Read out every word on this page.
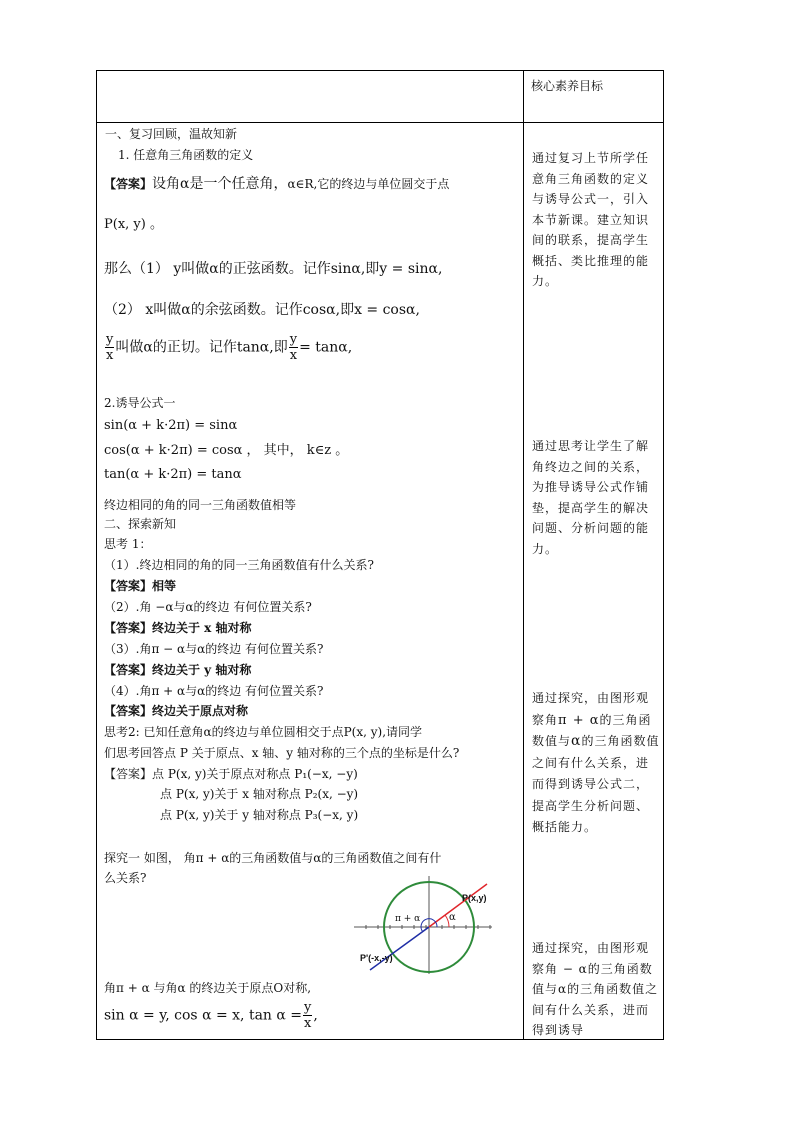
核心素养目标
一、复习回顾，温故知新
1. 任意角三角函数的定义
【答案】设角α是一个任意角，α∈R,它的终边与单位圆交于点
P(x, y) 。
那么（1） y叫做α的正弦函数。记作sinα,即y = sinα,
（2） x叫做α的余弦函数。记作cosα,即x = cosα,
$\frac{y}{x}$ 叫做α的正切。记作tanα,即 $\frac{y}{x} = \tan\alpha$,
2.诱导公式一
sin(α + k·2π) = sinα
cos(α + k·2π) = cosα ， 其中， k∈z 。
tan(α + k·2π) = tanα
终边相同的角的同一三角函数值相等
二、探索新知
思考 1：
（1）.终边相同的角的同一三角函数值有什么关系?
【答案】相等
（2）.角 −α与α的终边 有何位置关系?
【答案】终边关于 x 轴对称
（3）.角π − α与α的终边 有何位置关系?
【答案】终边关于 y 轴对称
（4）.角π + α与α的终边 有何位置关系?
【答案】终边关于原点对称
思考2: 已知任意角α的终边与单位圆相交于点P(x, y),请同学
们思考回答点 P 关于原点、x 轴、y 轴对称的三个点的坐标是什么?
【答案】点 P(x, y)关于原点对称点 P₁(−x, −y)
点 P(x, y)关于 x 轴对称点 P₂(x, −y)
点 P(x, y)关于 y 轴对称点 P₃(−x, y)
探究一 如图， 角π + α的三角函数值与α的三角函数值之间有什
么关系?
P(x,y)
P'(-x,-y)
α
π + α
角π + α 与角α 的终边关于原点O对称,
sin α = y, cos α = x, $\tan \alpha = \frac{y}{x}$ ,
通过复习上节所学任意角三角函数的定义与诱导公式一，引入本节新课。建立知识间的联系，提高学生概括、类比推理的能力。
通过思考让学生了解角终边之间的关系，为推导诱导公式作铺垫，提高学生的解决问题、分析问题的能力。
通过探究，由图形观察角π + α的三角函数值与α的三角函数值之间有什么关系，进而得到诱导公式二，提高学生分析问题、概括能力。
通过探究，由图形观察角 − α的三角函数值与α的三角函数值之间有什么关系，进而得到诱导
